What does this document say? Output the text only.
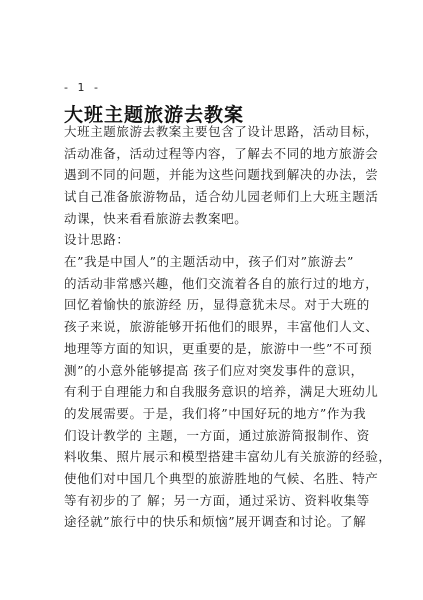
- 1 -
大班主题旅游去教案
大班主题旅游去教案主要包含了设计思路，活动目标，
活动准备，活动过程等内容，了解去不同的地方旅游会
遇到不同的问题，并能为这些问题找到解决的办法，尝
试自己准备旅游物品，适合幼儿园老师们上大班主题活
动课，快来看看旅游去教案吧。
设计思路：
在”我是中国人”的主题活动中，孩子们对”旅游去”
的活动非常感兴趣，他们交流着各自的旅行过的地方，
回忆着愉快的旅游经 历，显得意犹未尽。对于大班的
孩子来说，旅游能够开拓他们的眼界，丰富他们人文、
地理等方面的知识，更重要的是，旅游中一些”不可预
测”的小意外能够提高 孩子们应对突发事件的意识，
有利于自理能力和自我服务意识的培养，满足大班幼儿
的发展需要。于是，我们将”中国好玩的地方”作为我
们设计教学的 主题，一方面，通过旅游简报制作、资
料收集、照片展示和模型搭建丰富幼儿有关旅游的经验，
使他们对中国几个典型的旅游胜地的气候、名胜、特产
等有初步的了 解；另一方面，通过采访、资料收集等
途径就”旅行中的快乐和烦恼”展开调查和讨论。了解
